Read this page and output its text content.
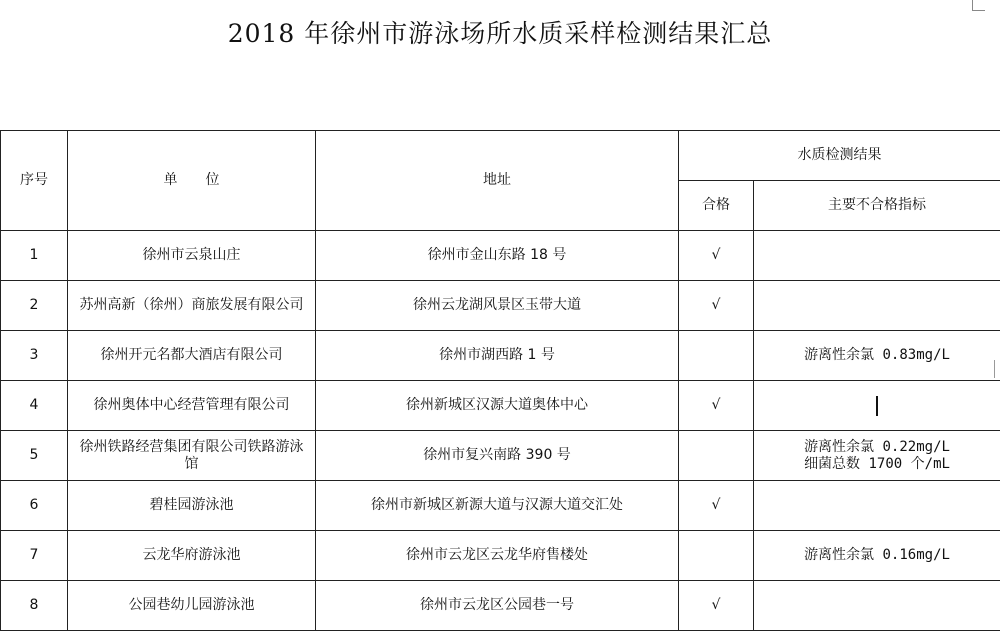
2018 年徐州市游泳场所水质采样检测结果汇总
序号	单　　位	地址	水质检测结果	
			合格	主要不合格指标
1	徐州市云泉山庄	徐州市金山东路 18 号	√	
2	苏州高新（徐州）商旅发展有限公司	徐州云龙湖风景区玉带大道	√	
3	徐州开元名都大酒店有限公司	徐州市湖西路 1 号		游离性余氯 0.83mg/L
4	徐州奥体中心经营管理有限公司	徐州新城区汉源大道奥体中心	√	
5	徐州铁路经营集团有限公司铁路游泳馆	徐州市复兴南路 390 号		游离性余氯 0.22mg/L
细菌总数 1700 个/mL
6	碧桂园游泳池	徐州市新城区新源大道与汉源大道交汇处	√	
7	云龙华府游泳池	徐州市云龙区云龙华府售楼处		游离性余氯 0.16mg/L
8	公园巷幼儿园游泳池	徐州市云龙区公园巷一号	√	
